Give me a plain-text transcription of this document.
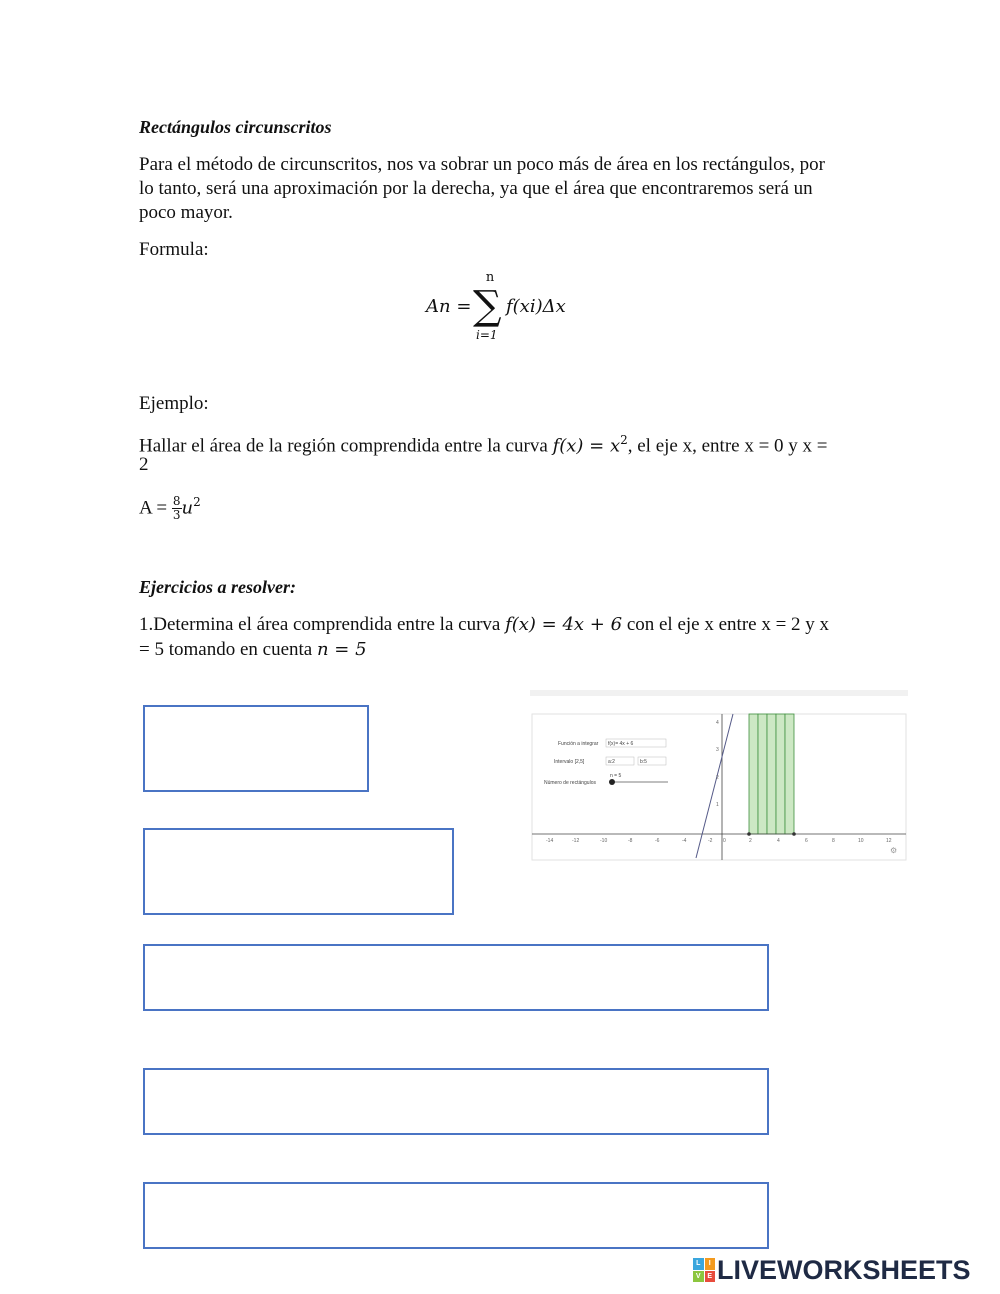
Rectángulos circunscritos
Para el método de circunscritos, nos va sobrar un poco más de área en los rectángulos, por
lo tanto, será una aproximación por la derecha, ya que el área que encontraremos será un
poco mayor.
Formula:
An =
n
∑
i=1
f(xi)Δx
Ejemplo:
Hallar el área de la región comprendida entre la curva $f(x) = x^2$, el eje x, entre x = 0 y x =
2
$A = \frac{8}{3} u^2$
Ejercicios a resolver:
1.Determina el área comprendida entre la curva f(x) = 4x + 6 con el eje x entre x = 2 y x
= 5 tomando en cuenta n = 5
-14	-12	-10	-8	-6	-4	-2 0	2	4	6	8	10	12
4
3
2
1
Función a integrar f(x)= 4x + 6
Intervalo [2,5]	a:2	b:5
n = 5
Número de rectángulos
⚙
L	I
V E LIVEWORKSHEETS
